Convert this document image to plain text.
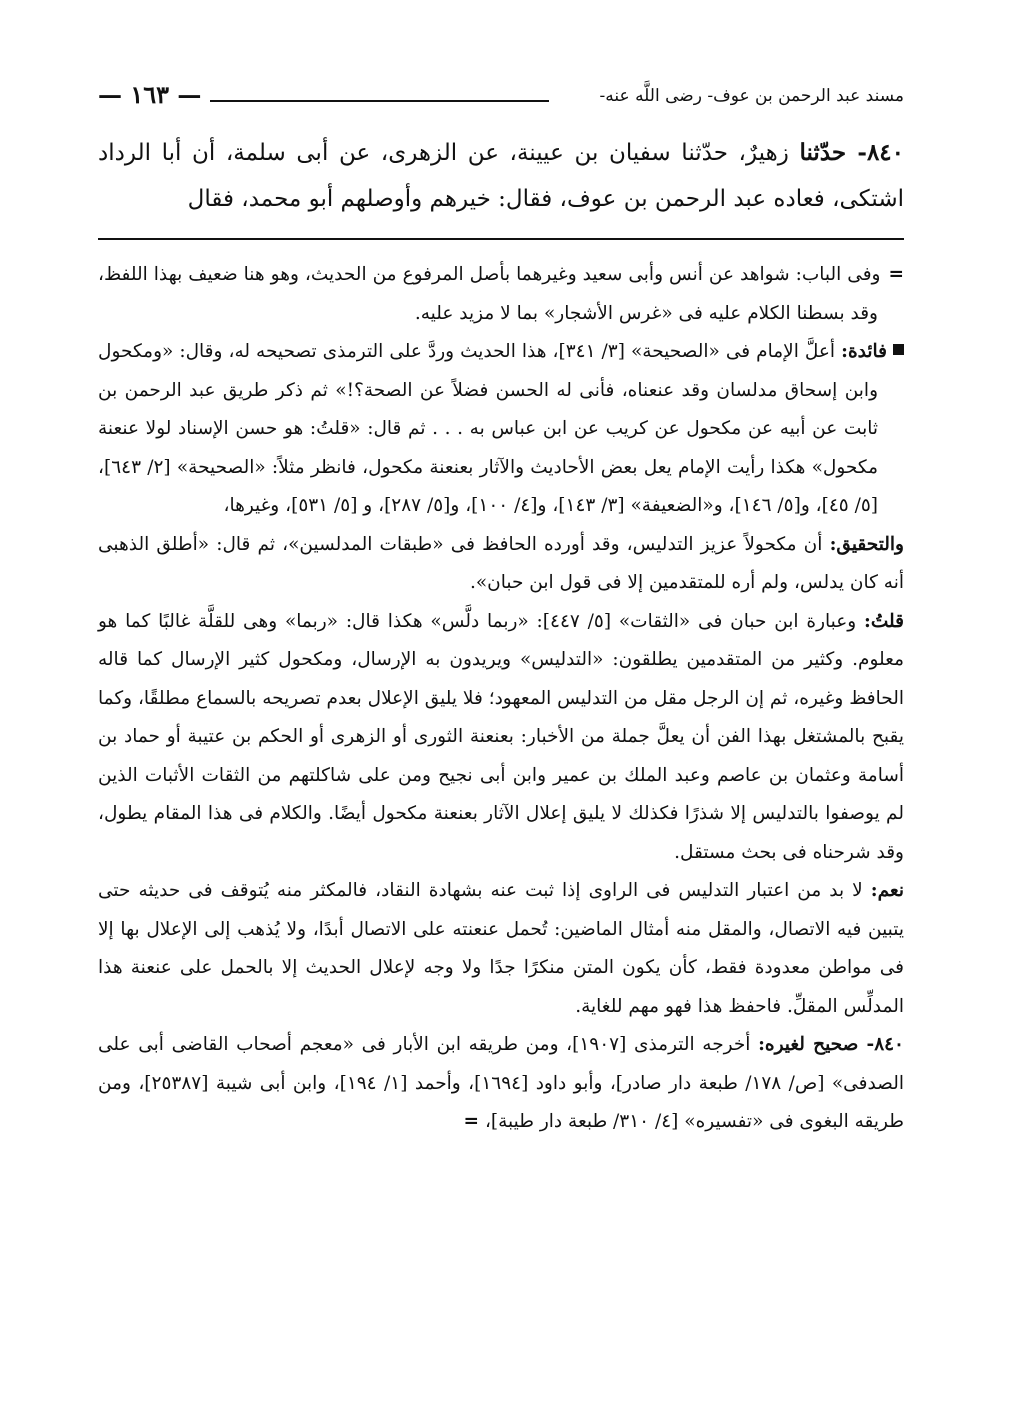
مسند عبد الرحمن بن عوف- رضى اللَّه عنه-
— ١٦٣ —

٨٤٠- حدّثنا زهيرٌ، حدّثنا سفيان بن عيينة، عن الزهرى، عن أبى سلمة، أن أبا الرداد اشتكى، فعاده عبد الرحمن بن عوف، فقال: خيرهم وأوصلهم أبو محمد، فقال

=وفى الباب: شواهد عن أنس وأبى سعيد وغيرهما بأصل المرفوع من الحديث، وهو هنا ضعيف بهذا اللفظ، وقد بسطنا الكلام عليه فى «غرس الأشجار» بما لا مزيد عليه.

فائدة: أعلَّ الإمام فى «الصحيحة» [٣/ ٣٤١]، هذا الحديث وردَّ على الترمذى تصحيحه له، وقال: «ومكحول وابن إسحاق مدلسان وقد عنعناه، فأنى له الحسن فضلاً عن الصحة؟!» ثم ذكر طريق عبد الرحمن بن ثابت عن أبيه عن مكحول عن كريب عن ابن عباس به . . . ثم قال: «قلتُ: هو حسن الإسناد لولا عنعنة مكحول» هكذا رأيت الإمام يعل بعض الأحاديث والآثار بعنعنة مكحول، فانظر مثلاً: «الصحيحة» [٢/ ٦٤٣]، [٥/ ٤٥]، و[٥/ ١٤٦]، و«الضعيفة» [٣/ ١٤٣]، و[٤/ ١٠٠]، و[٥/ ٢٨٧]، و [٥/ ٥٣١]، وغيرها،

والتحقيق: أن مكحولاً عزيز التدليس، وقد أورده الحافظ فى «طبقات المدلسين»، ثم قال: «أطلق الذهبى أنه كان يدلس، ولم أره للمتقدمين إلا فى قول ابن حبان».

قلتُ: وعبارة ابن حبان فى «الثقات» [٥/ ٤٤٧]: «ربما دلَّس» هكذا قال: «ربما» وهى للقلَّة غالبًا كما هو معلوم. وكثير من المتقدمين يطلقون: «التدليس» ويريدون به الإرسال، ومكحول كثير الإرسال كما قاله الحافظ وغيره، ثم إن الرجل مقل من التدليس المعهود؛ فلا يليق الإعلال بعدم تصريحه بالسماع مطلقًا، وكما يقبح بالمشتغل بهذا الفن أن يعلَّ جملة من الأخبار: بعنعنة الثورى أو الزهرى أو الحكم بن عتيبة أو حماد بن أسامة وعثمان بن عاصم وعبد الملك بن عمير وابن أبى نجيح ومن على شاكلتهم من الثقات الأثبات الذين لم يوصفوا بالتدليس إلا شذرًا فكذلك لا يليق إعلال الآثار بعنعنة مكحول أيضًا. والكلام فى هذا المقام يطول، وقد شرحناه فى بحث مستقل.

نعم: لا بد من اعتبار التدليس فى الراوى إذا ثبت عنه بشهادة النقاد، فالمكثر منه يُتوقف فى حديثه حتى يتبين فيه الاتصال، والمقل منه أمثال الماضين: تُحمل عنعنته على الاتصال أبدًا، ولا يُذهب إلى الإعلال بها إلا فى مواطن معدودة فقط، كأن يكون المتن منكرًا جدًا ولا وجه لإعلال الحديث إلا بالحمل على عنعنة هذا المدلِّس المقلِّ. فاحفظ هذا فهو مهم للغاية.

٨٤٠- صحيح لغيره: أخرجه الترمذى [١٩٠٧]، ومن طريقه ابن الأبار فى «معجم أصحاب القاضى أبى على الصدفى» [ص/ ١٧٨/ طبعة دار صادر]، وأبو داود [١٦٩٤]، وأحمد [١/ ١٩٤]، وابن أبى شيبة [٢٥٣٨٧]، ومن طريقه البغوى فى «تفسيره» [٤/ ٣١٠/ طبعة دار طيبة]، =
